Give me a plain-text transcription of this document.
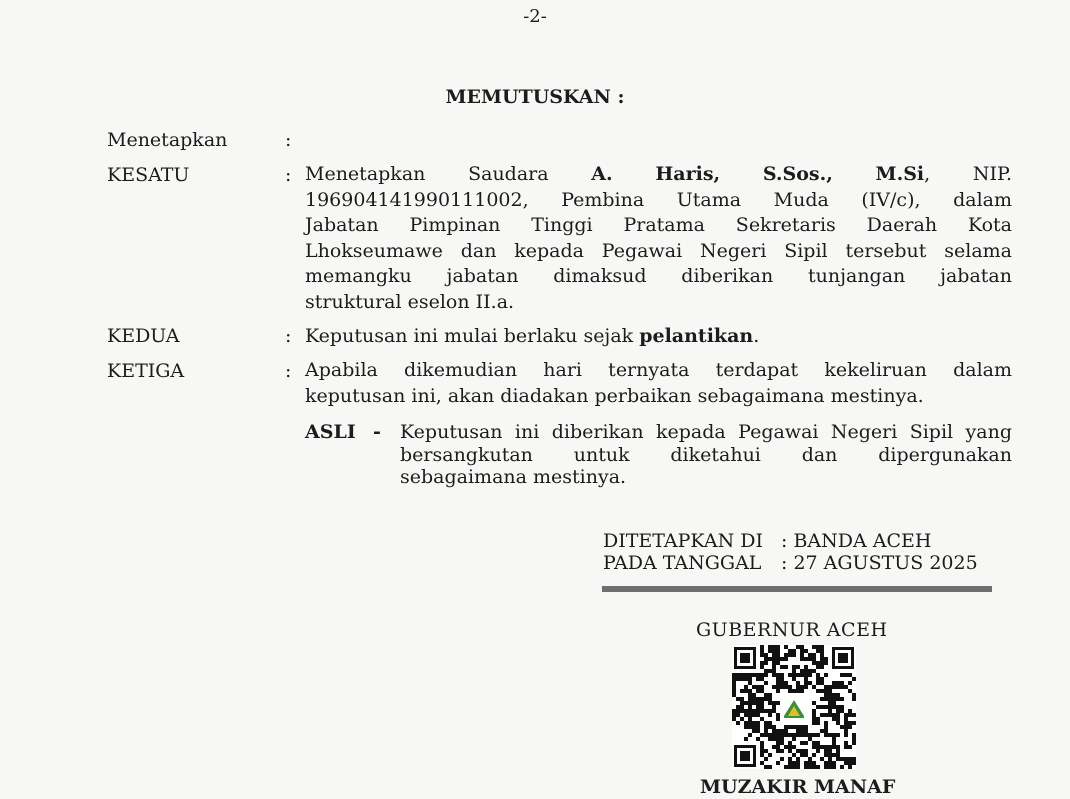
-2-
MEMUTUSKAN :
Menetapkan	:
KESATU	: Menetapkan Saudara A. Haris, S.Sos., M.Si, NIP.
196904141990111002, Pembina Utama Muda (IV/c), dalam
Jabatan Pimpinan Tinggi Pratama Sekretaris Daerah Kota
Lhokseumawe dan kepada Pegawai Negeri Sipil tersebut selama
memangku jabatan dimaksud diberikan tunjangan jabatan
struktural eselon II.a.
KEDUA	: Keputusan ini mulai berlaku sejak pelantikan.
KETIGA	: Apabila dikemudian hari ternyata terdapat kekeliruan dalam
keputusan ini, akan diadakan perbaikan sebagaimana mestinya.
ASLI - Keputusan ini diberikan kepada Pegawai Negeri Sipil yang
bersangkutan untuk diketahui dan dipergunakan
sebagaimana mestinya.
DITETAPKAN DI : BANDA ACEH
PADA TANGGAL : 27 AGUSTUS 2025
GUBERNUR ACEH
MUZAKIR MANAF
